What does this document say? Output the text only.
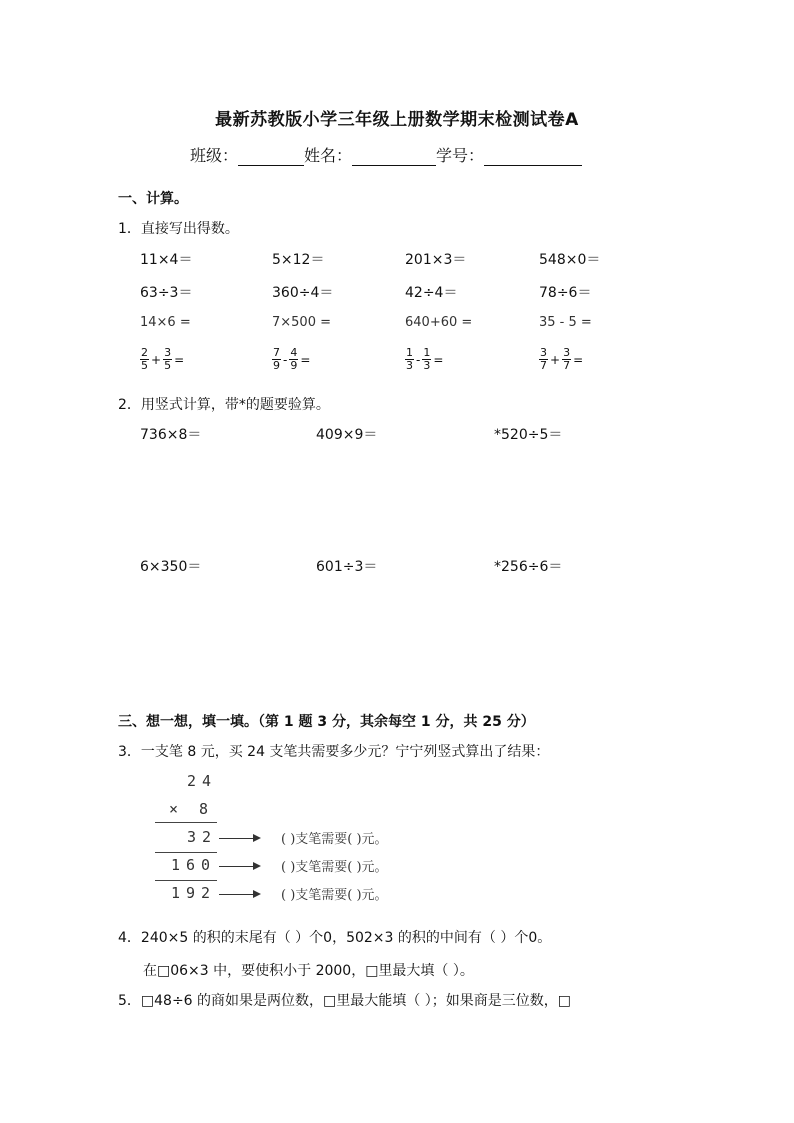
最新苏教版小学三年级上册数学期末检测试卷A
班级：	姓名：	学号：
一、计算。
1．直接写出得数。
11×4＝	5×12＝	201×3＝	548×0＝
63÷3＝	360÷4＝	42÷4＝	78÷6＝
14×6 =	7×500 =	640+60 =	35 - 5 =
$\frac{2}{5} + \frac{3}{5}$ =	$\frac{7}{9} - \frac{4}{9}$ =	$\frac{1}{3} - \frac{1}{3}$ =	$\frac{3}{7} + \frac{3}{7}$ =
2．用竖式计算，带*的题要验算。
736×8＝	409×9＝	*520÷5＝
6×350＝	601÷3＝	*256÷6＝
三、想一想，填一填。（第 1 题 3 分，其余每空 1 分，共 25 分）
3．一支笔 8 元，买 24 支笔共需要多少元？宁宁列竖式算出了结果：
24
× 8
32	( )支笔需要( )元。
160	( )支笔需要( )元。
192	( )支笔需要( )元。
4．240×5 的积的末尾有（ ）个0，502×3 的积的中间有（ ）个0。
在□06×3 中，要使积小于 2000，□里最大填（ ）。
5．□48÷6 的商如果是两位数，□里最大能填（ ）；如果商是三位数，□
